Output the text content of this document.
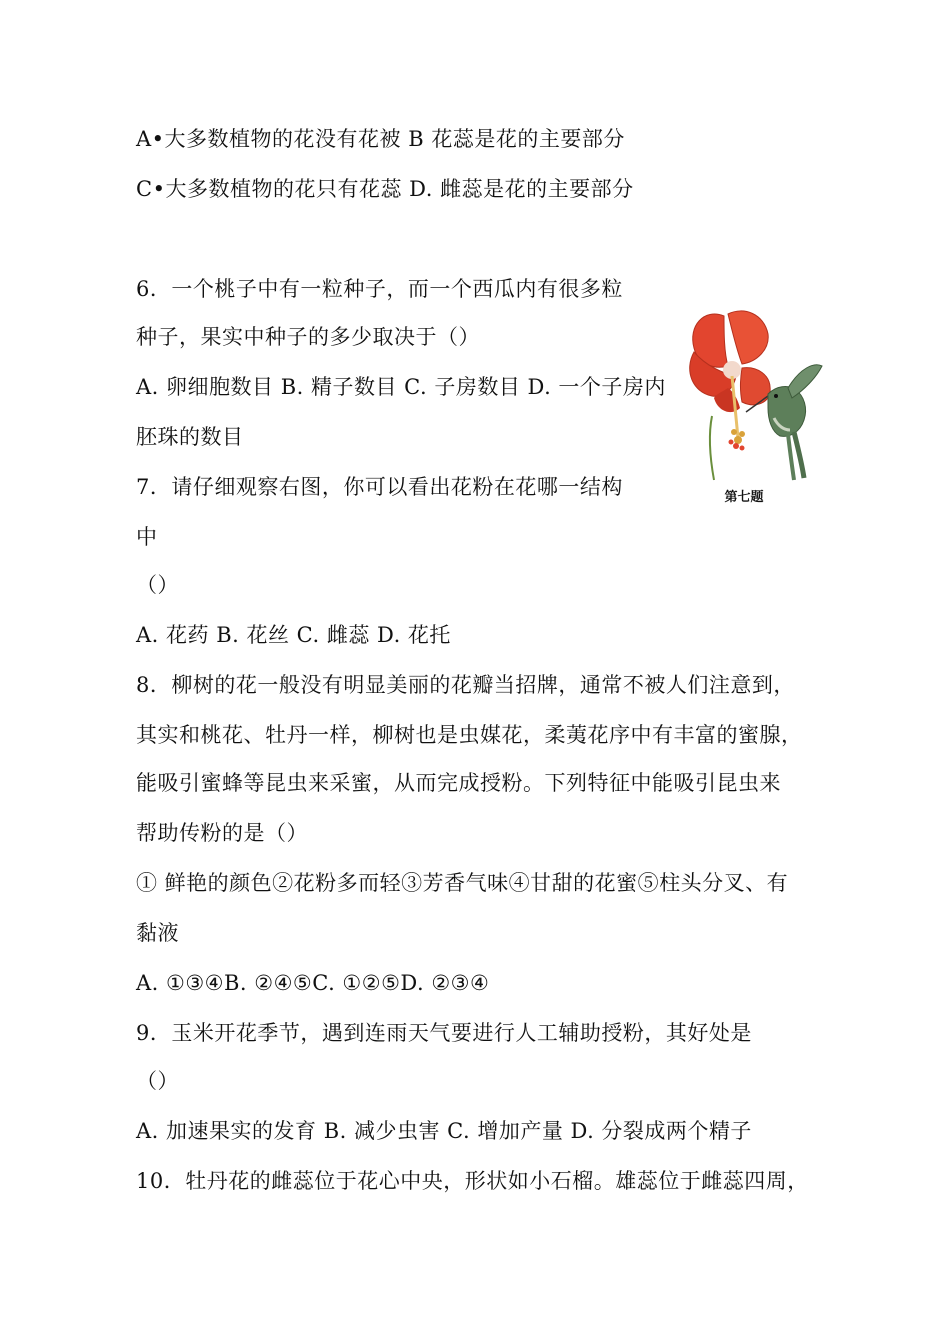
A•大多数植物的花没有花被 B 花蕊是花的主要部分
C•大多数植物的花只有花蕊 D. 雌蕊是花的主要部分
6．一个桃子中有一粒种子，而一个西瓜内有很多粒
种子，果实中种子的多少取决于（）
A. 卵细胞数目 B. 精子数目 C. 子房数目 D. 一个子房内
胚珠的数目
7．请仔细观察右图，你可以看出花粉在花哪一结构
中
（）
A. 花药 B. 花丝 C. 雌蕊 D. 花托
8．柳树的花一般没有明显美丽的花瓣当招牌，通常不被人们注意到，
其实和桃花、牡丹一样，柳树也是虫媒花，柔荑花序中有丰富的蜜腺，
能吸引蜜蜂等昆虫来采蜜，从而完成授粉。下列特征中能吸引昆虫来
帮助传粉的是（）
① 鲜艳的颜色②花粉多而轻③芳香气味④甘甜的花蜜⑤柱头分叉、有
黏液
A. ①③④B. ②④⑤C. ①②⑤D. ②③④
9．玉米开花季节，遇到连雨天气要进行人工辅助授粉，其好处是
（）
A. 加速果实的发育 B. 减少虫害 C. 增加产量 D. 分裂成两个精子
10．牡丹花的雌蕊位于花心中央，形状如小石榴。雄蕊位于雌蕊四周，
第七题
